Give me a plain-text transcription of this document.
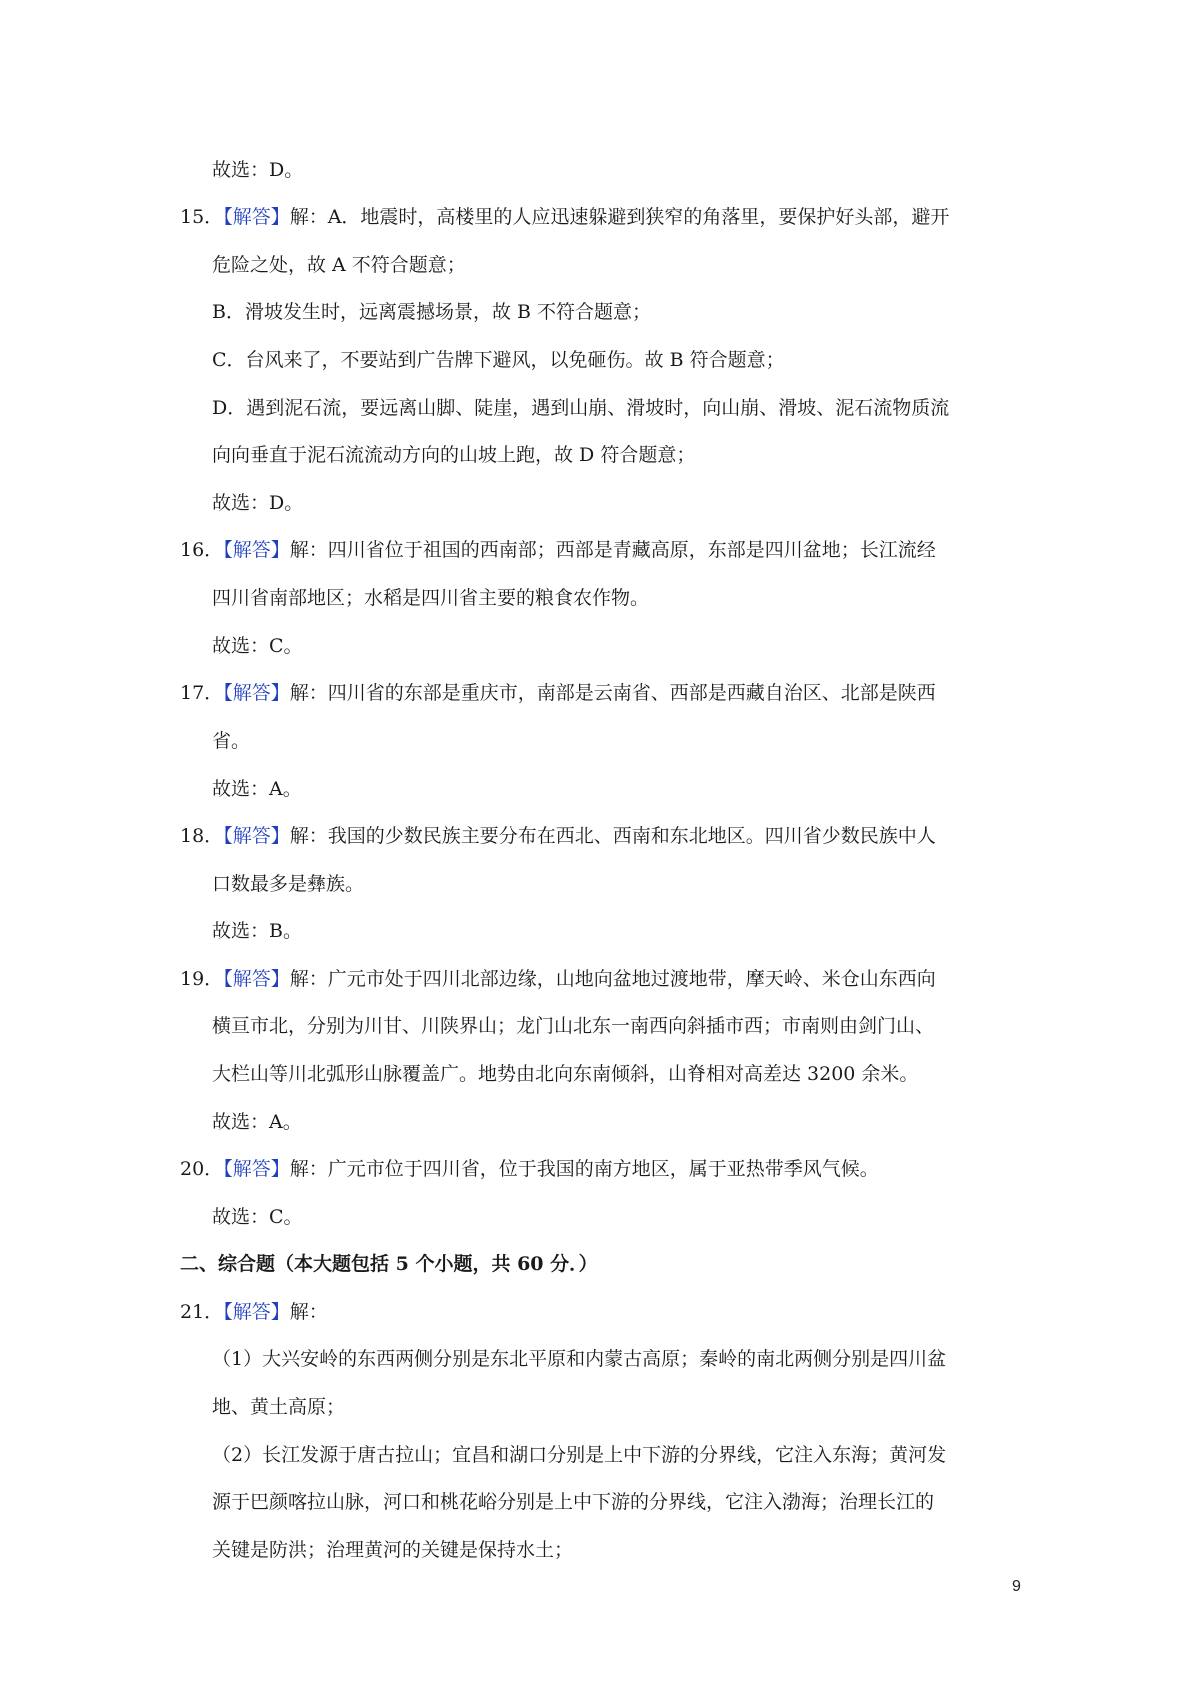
故选：D。
15．【解答】解：A．地震时，高楼里的人应迅速躲避到狭窄的角落里，要保护好头部，避开
危险之处，故 A 不符合题意；
B．滑坡发生时，远离震撼场景，故 B 不符合题意；
C．台风来了，不要站到广告牌下避风，以免砸伤。故 B 符合题意；
D．遇到泥石流，要远离山脚、陡崖，遇到山崩、滑坡时，向山崩、滑坡、泥石流物质流
向向垂直于泥石流流动方向的山坡上跑，故 D 符合题意；
故选：D。
16．【解答】解：四川省位于祖国的西南部；西部是青藏高原，东部是四川盆地；长江流经
四川省南部地区；水稻是四川省主要的粮食农作物。
故选：C。
17．【解答】解：四川省的东部是重庆市，南部是云南省、西部是西藏自治区、北部是陕西
省。
故选：A。
18．【解答】解：我国的少数民族主要分布在西北、西南和东北地区。四川省少数民族中人
口数最多是彝族。
故选：B。
19．【解答】解：广元市处于四川北部边缘，山地向盆地过渡地带，摩天岭、米仓山东西向
横亘市北，分别为川甘、川陕界山；龙门山北东一南西向斜插市西；市南则由剑门山、
大栏山等川北弧形山脉覆盖广。地势由北向东南倾斜，山脊相对高差达 3200 余米。
故选：A。
20．【解答】解：广元市位于四川省，位于我国的南方地区，属于亚热带季风气候。
故选：C。
二、综合题（本大题包括 5 个小题，共 60 分．）
21．【解答】解：
（1）大兴安岭的东西两侧分别是东北平原和内蒙古高原；秦岭的南北两侧分别是四川盆
地、黄土高原；
（2）长江发源于唐古拉山；宜昌和湖口分别是上中下游的分界线，它注入东海；黄河发
源于巴颜喀拉山脉，河口和桃花峪分别是上中下游的分界线，它注入渤海；治理长江的
关键是防洪；治理黄河的关键是保持水土；
9
